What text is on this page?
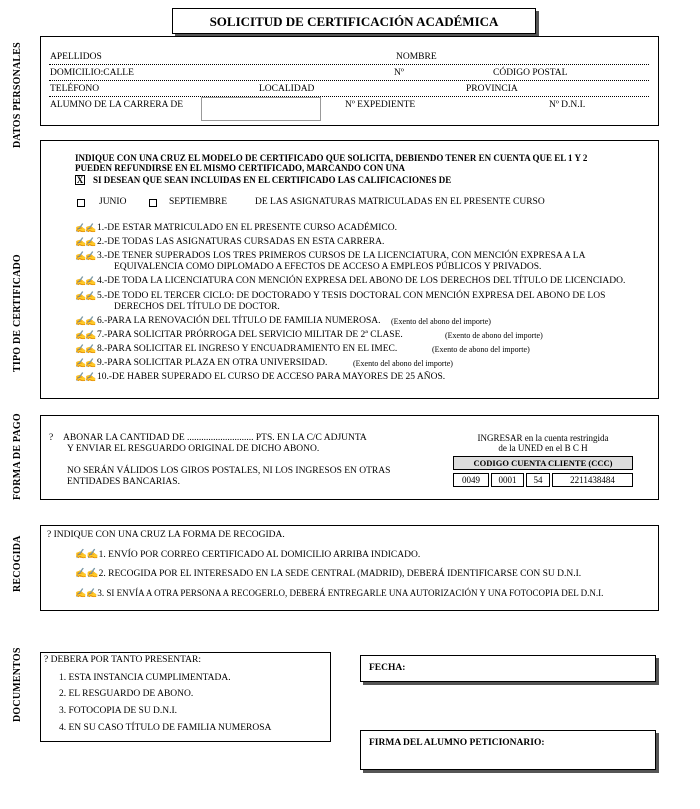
SOLICITUD DE CERTIFICACIÓN ACADÉMICA
DATOS PERSONALES
TIPO DE CERTIFICADO
FORMA DE PAGO
RECOGIDA
DOCUMENTOS
APELLIDOS	NOMBRE
DOMICILIO:CALLE	Nº	CÓDIGO POSTAL
TELÉFONO	LOCALIDAD	PROVINCIA
ALUMNO DE LA CARRERA DE	Nº EXPEDIENTE	Nº D.N.I.
INDIQUE CON UNA CRUZ EL MODELO DE CERTIFICADO QUE SOLICITA, DEBIENDO TENER EN CUENTA QUE EL 1 Y 2
PUEDEN REFUNDIRSE EN EL MISMO CERTIFICADO, MARCANDO CON UNA
X SI DESEAN QUE SEAN INCLUIDAS EN EL CERTIFICADO LAS CALIFICACIONES DE
JUNIO	SEPTIEMBRE	DE LAS ASIGNATURAS MATRICULADAS EN EL PRESENTE CURSO
✍✍ 1.-DE ESTAR MATRICULADO EN EL PRESENTE CURSO ACADÉMICO.
✍✍ 2.-DE TODAS LAS ASIGNATURAS CURSADAS EN ESTA CARRERA.
✍✍ 3.-DE TENER SUPERADOS LOS TRES PRIMEROS CURSOS DE LA LICENCIATURA, CON MENCIÓN EXPRESA A LA
EQUIVALENCIA COMO DIPLOMADO A EFECTOS DE ACCESO A EMPLEOS PÚBLICOS Y PRIVADOS.
✍✍ 4.-DE TODA LA LICENCIATURA CON MENCIÓN EXPRESA DEL ABONO DE LOS DERECHOS DEL TÍTULO DE LICENCIADO.
✍✍ 5.-DE TODO EL TERCER CICLO: DE DOCTORADO Y TESIS DOCTORAL CON MENCIÓN EXPRESA DEL ABONO DE LOS
DERECHOS DEL TÍTULO DE DOCTOR.
✍✍ 6.-PARA LA RENOVACIÓN DEL TÍTULO DE FAMILIA NUMEROSA. (Exento del abono del importe)
✍✍ 7.-PARA SOLICITAR PRÓRROGA DEL SERVICIO MILITAR DE 2ª CLASE.	(Exento de abono del importe)
✍✍ 8.-PARA SOLICITAR EL INGRESO Y ENCUADRAMIENTO EN EL IMEC.	(Exento de abono del importe)
✍✍ 9.-PARA SOLICITAR PLAZA EN OTRA UNIVERSIDAD.	(Exento del abono del importe)
✍✍ 10.-DE HABER SUPERADO EL CURSO DE ACCESO PARA MAYORES DE 25 AÑOS.
? ABONAR LA CANTIDAD DE ............................ PTS. EN LA C/C ADJUNTA
Y ENVIAR EL RESGUARDO ORIGINAL DE DICHO ABONO.
NO SERÁN VÁLIDOS LOS GIROS POSTALES, NI LOS INGRESOS EN OTRAS
ENTIDADES BANCARIAS.
INGRESAR en la cuenta restringida
de la UNED en el B C H
CODIGO CUENTA CLIENTE (CCC)
0049	0001	54	2211438484
? INDIQUE CON UNA CRUZ LA FORMA DE RECOGIDA.
✍✍1. ENVÍO POR CORREO CERTIFICADO AL DOMICILIO ARRIBA INDICADO.
✍✍2. RECOGIDA POR EL INTERESADO EN LA SEDE CENTRAL (MADRID), DEBERÁ IDENTIFICARSE CON SU D.N.I.
✍✍3. SI ENVÍA A OTRA PERSONA A RECOGERLO, DEBERÁ ENTREGARLE UNA AUTORIZACIÓN Y UNA FOTOCOPIA DEL D.N.I.
? DEBERA POR TANTO PRESENTAR:
1. ESTA INSTANCIA CUMPLIMENTADA.
2. EL RESGUARDO DE ABONO.
3. FOTOCOPIA DE SU D.N.I.
4. EN SU CASO TÍTULO DE FAMILIA NUMEROSA
FECHA:
FIRMA DEL ALUMNO PETICIONARIO:
